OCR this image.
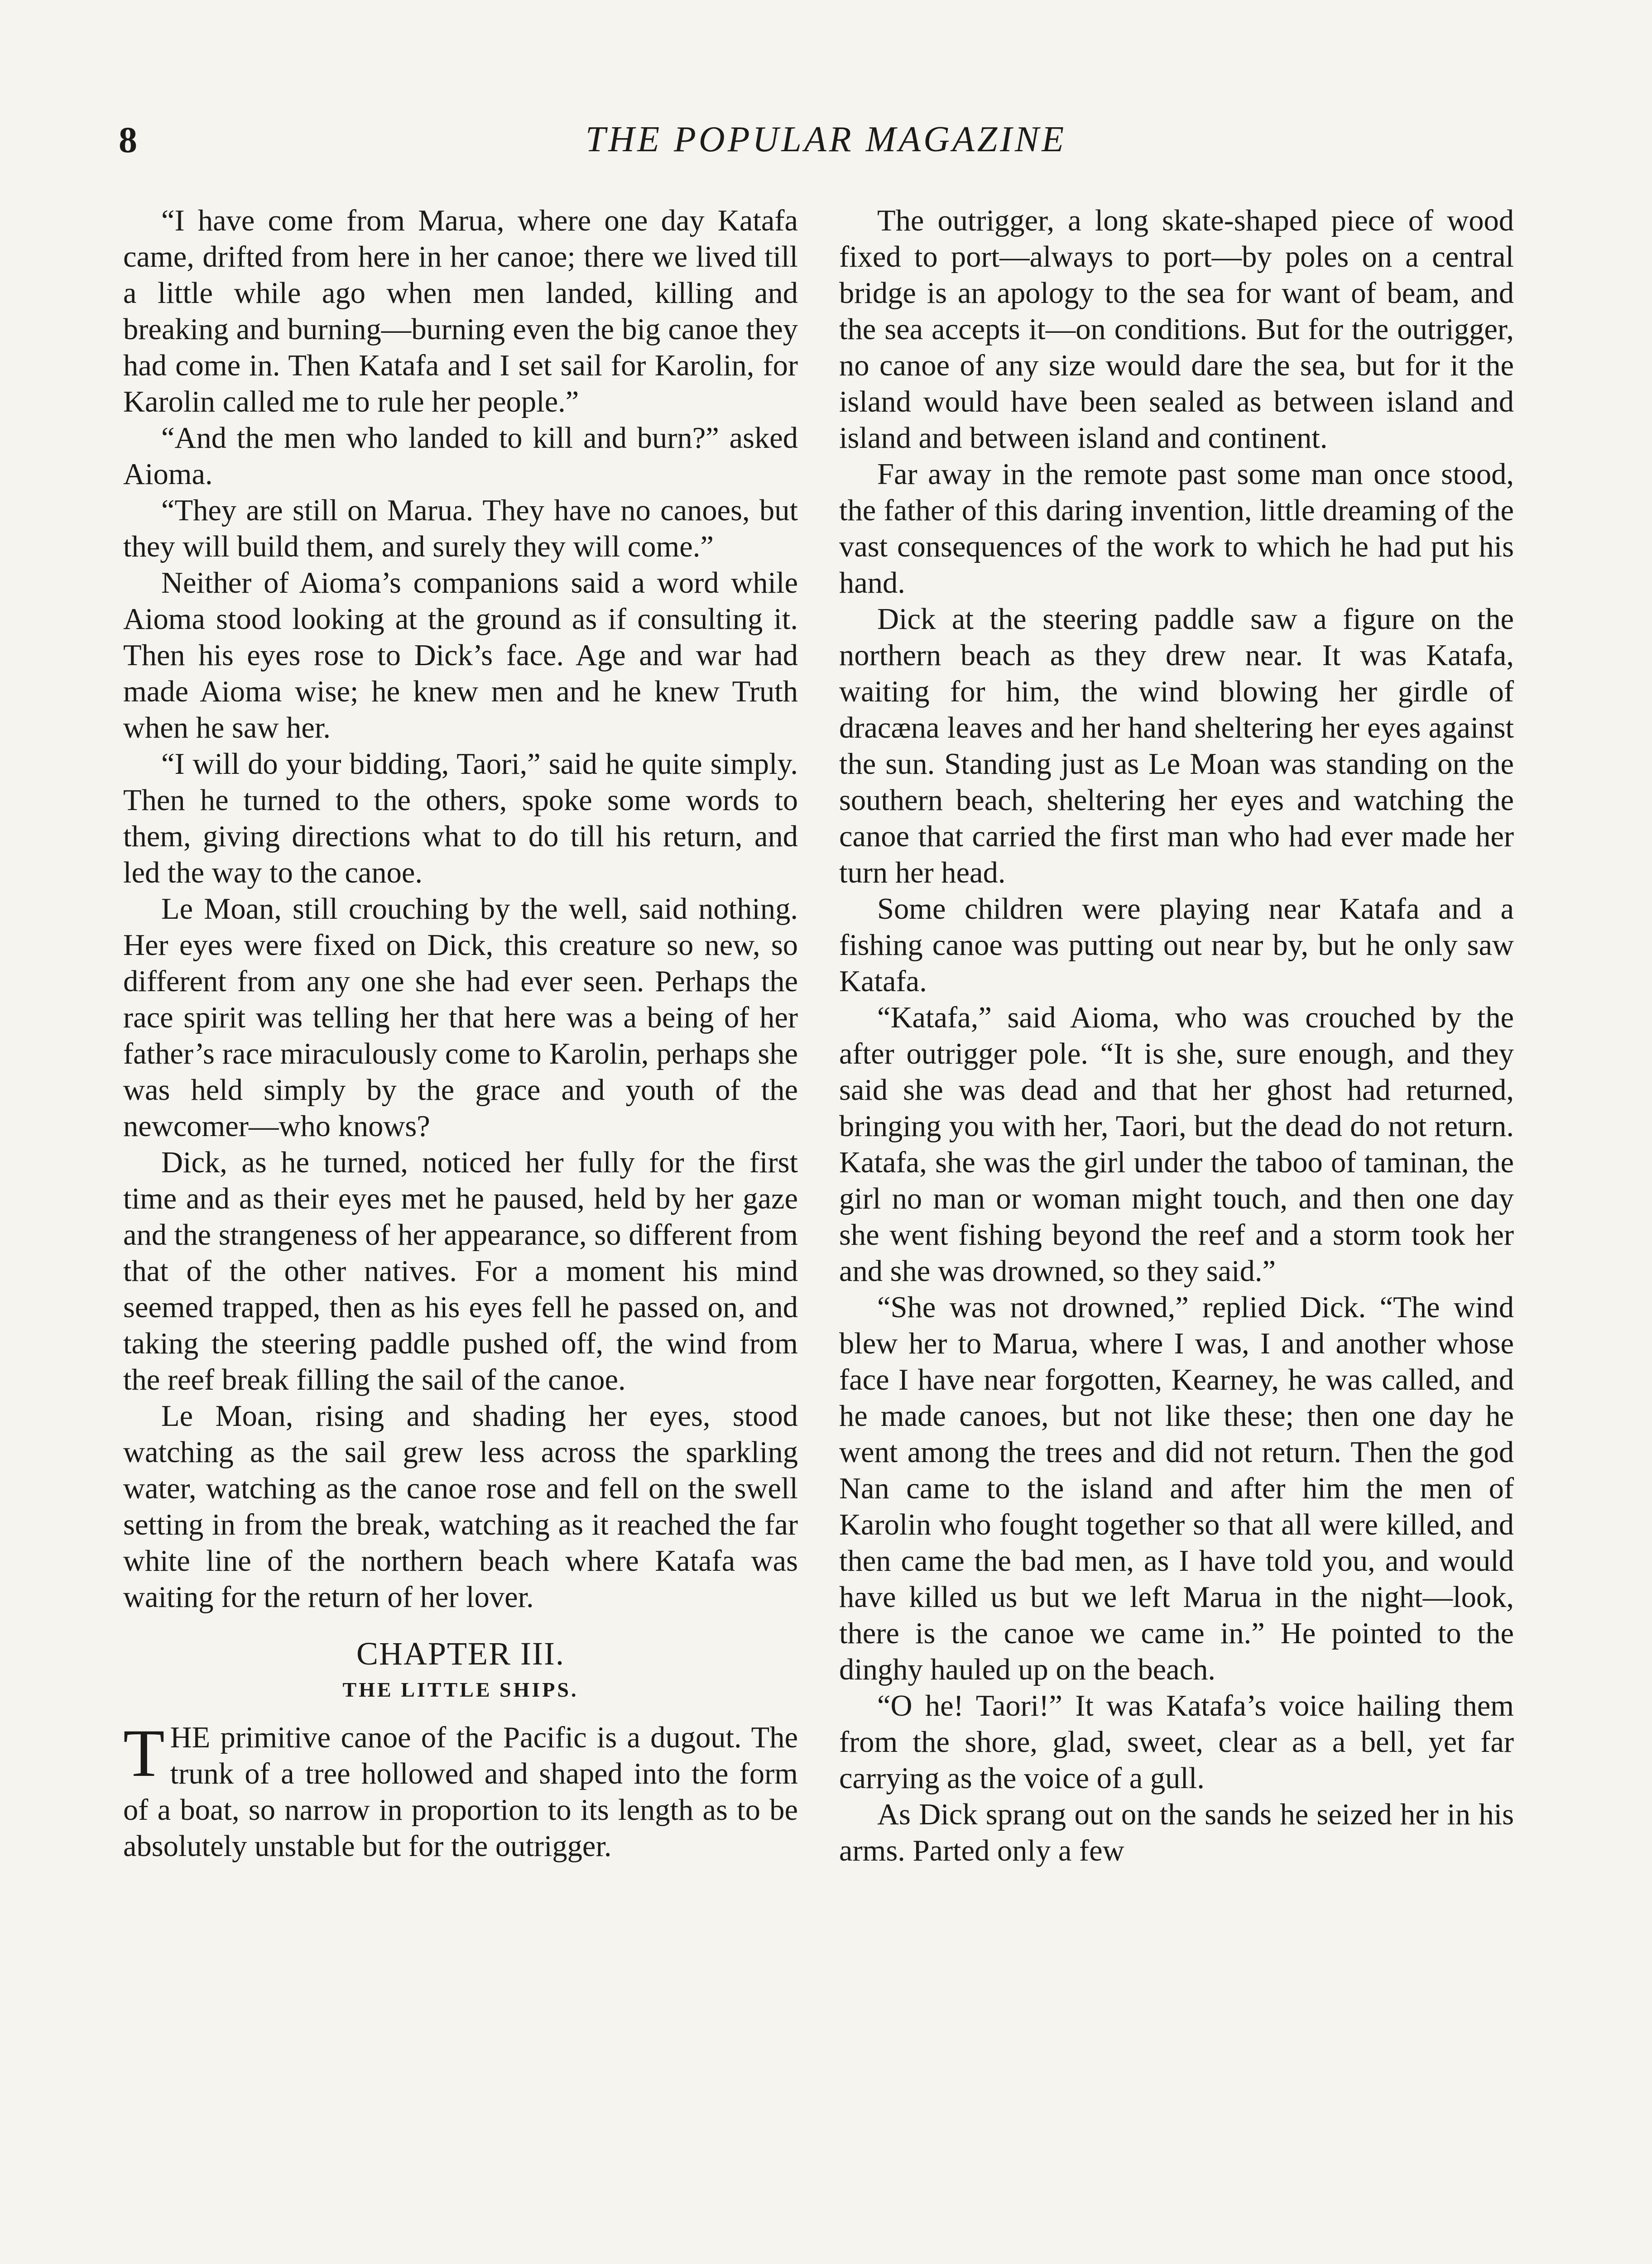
8	THE POPULAR MAGAZINE

“I have come from Marua, where one day Katafa came, drifted from here in her canoe; there we lived till a little while ago when men landed, killing and breaking and burning—burning even the big canoe they had come in. Then Katafa and I set sail for Karolin, for Karolin called me to rule her people.”

“And the men who landed to kill and burn?” asked Aioma.

“They are still on Marua. They have no canoes, but they will build them, and surely they will come.”

Neither of Aioma’s companions said a word while Aioma stood looking at the ground as if consulting it. Then his eyes rose to Dick’s face. Age and war had made Aioma wise; he knew men and he knew Truth when he saw her.

“I will do your bidding, Taori,” said he quite simply. Then he turned to the others, spoke some words to them, giving directions what to do till his return, and led the way to the canoe.

Le Moan, still crouching by the well, said nothing. Her eyes were fixed on Dick, this creature so new, so different from any one she had ever seen. Perhaps the race spirit was telling her that here was a being of her father’s race miraculously come to Karolin, perhaps she was held simply by the grace and youth of the newcomer—who knows?

Dick, as he turned, noticed her fully for the first time and as their eyes met he paused, held by her gaze and the strangeness of her appearance, so different from that of the other natives. For a moment his mind seemed trapped, then as his eyes fell he passed on, and taking the steering paddle pushed off, the wind from the reef break filling the sail of the canoe.

Le Moan, rising and shading her eyes, stood watching as the sail grew less across the sparkling water, watching as the canoe rose and fell on the swell setting in from the break, watching as it reached the far white line of the northern beach where Katafa was waiting for the return of her lover.

CHAPTER III.
THE LITTLE SHIPS.

THE primitive canoe of the Pacific is a dugout. The trunk of a tree hollowed and shaped into the form of a boat, so narrow in proportion to its length as to be absolutely unstable but for the outrigger.

The outrigger, a long skate-shaped piece of wood fixed to port—always to port—by poles on a central bridge is an apology to the sea for want of beam, and the sea accepts it—on conditions. But for the outrigger, no canoe of any size would dare the sea, but for it the island would have been sealed as between island and island and between island and continent.

Far away in the remote past some man once stood, the father of this daring invention, little dreaming of the vast consequences of the work to which he had put his hand.

Dick at the steering paddle saw a figure on the northern beach as they drew near. It was Katafa, waiting for him, the wind blowing her girdle of dracæna leaves and her hand sheltering her eyes against the sun. Standing just as Le Moan was standing on the southern beach, sheltering her eyes and watching the canoe that carried the first man who had ever made her turn her head.

Some children were playing near Katafa and a fishing canoe was putting out near by, but he only saw Katafa.

“Katafa,” said Aioma, who was crouched by the after outrigger pole. “It is she, sure enough, and they said she was dead and that her ghost had returned, bringing you with her, Taori, but the dead do not return. Katafa, she was the girl under the taboo of taminan, the girl no man or woman might touch, and then one day she went fishing beyond the reef and a storm took her and she was drowned, so they said.”

“She was not drowned,” replied Dick. “The wind blew her to Marua, where I was, I and another whose face I have near forgotten, Kearney, he was called, and he made canoes, but not like these; then one day he went among the trees and did not return. Then the god Nan came to the island and after him the men of Karolin who fought together so that all were killed, and then came the bad men, as I have told you, and would have killed us but we left Marua in the night—look, there is the canoe we came in.” He pointed to the dinghy hauled up on the beach.

“O he! Taori!” It was Katafa’s voice hailing them from the shore, glad, sweet, clear as a bell, yet far carrying as the voice of a gull.

As Dick sprang out on the sands he seized her in his arms. Parted only a few
